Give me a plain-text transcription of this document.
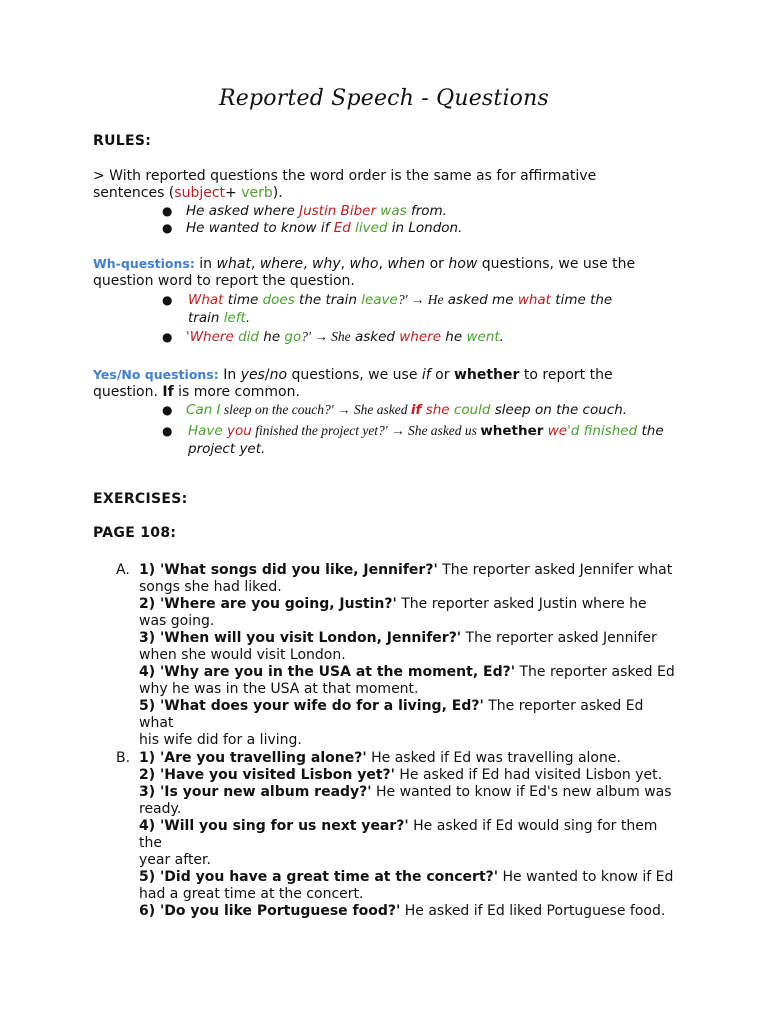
Reported Speech - Questions
RULES:
> With reported questions the word order is the same as for affirmative
sentences (subject+ verb).
● He asked where Justin Biber was from.
● He wanted to know if Ed lived in London.
Wh-questions: in what, where, why, who, when or how questions, we use the
question word to report the question.
● What time does the train leave?' → He asked me what time the
train left.
● 'Where did he go?' → She asked where he went.
Yes/No questions: In yes/no questions, we use if or whether to report the
question. If is more common.
● Can I sleep on the couch?' → She asked if she could sleep on the couch.
● Have you finished the project yet?' → She asked us whether we'd finished the
project yet.
EXERCISES:
PAGE 108:
A. 1) 'What songs did you like, Jennifer?' The reporter asked Jennifer what
songs she had liked.
2) 'Where are you going, Justin?' The reporter asked Justin where he
was going.
3) 'When will you visit London, Jennifer?' The reporter asked Jennifer
when she would visit London.
4) 'Why are you in the USA at the moment, Ed?' The reporter asked Ed
why he was in the USA at that moment.
5) 'What does your wife do for a living, Ed?' The reporter asked Ed what
his wife did for a living.
B. 1) 'Are you travelling alone?' He asked if Ed was travelling alone.
2) 'Have you visited Lisbon yet?' He asked if Ed had visited Lisbon yet.
3) 'Is your new album ready?' He wanted to know if Ed's new album was
ready.
4) 'Will you sing for us next year?' He asked if Ed would sing for them the
year after.
5) 'Did you have a great time at the concert?' He wanted to know if Ed
had a great time at the concert.
6) 'Do you like Portuguese food?' He asked if Ed liked Portuguese food.
